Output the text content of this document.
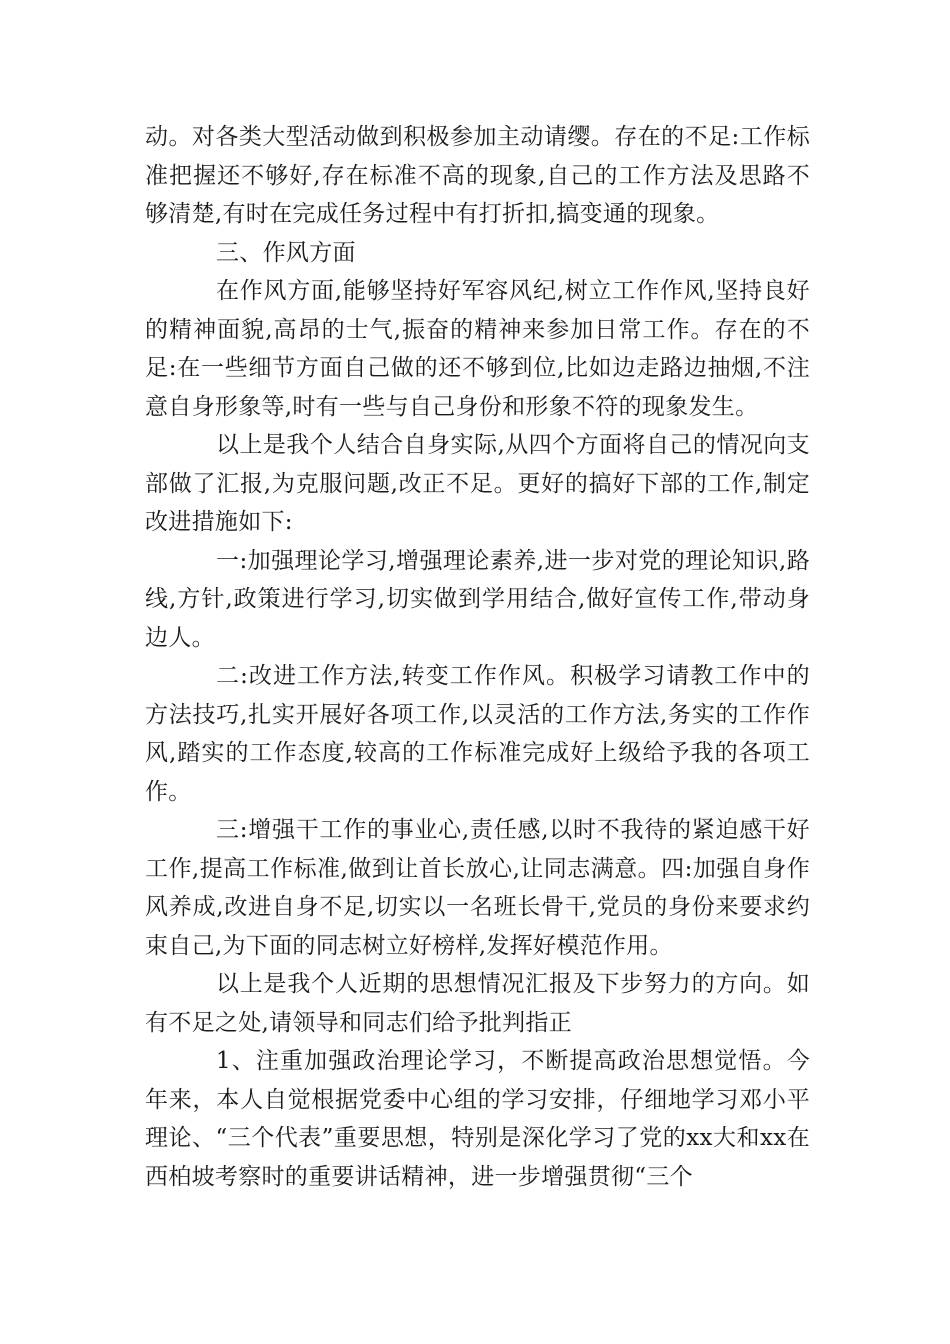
动。对各类大型活动做到积极参加主动请缨。存在的不足:工作标准把握还不够好,存在标准不高的现象,自己的工作方法及思路不够清楚,有时在完成任务过程中有打折扣,搞变通的现象。

三、作风方面

在作风方面,能够坚持好军容风纪,树立工作作风,坚持良好的精神面貌,高昂的士气,振奋的精神来参加日常工作。存在的不足:在一些细节方面自己做的还不够到位,比如边走路边抽烟,不注意自身形象等,时有一些与自己身份和形象不符的现象发生。

以上是我个人结合自身实际,从四个方面将自己的情况向支部做了汇报,为克服问题,改正不足。更好的搞好下部的工作,制定改进措施如下:

一:加强理论学习,增强理论素养,进一步对党的理论知识,路线,方针,政策进行学习,切实做到学用结合,做好宣传工作,带动身边人。

二:改进工作方法,转变工作作风。积极学习请教工作中的方法技巧,扎实开展好各项工作,以灵活的工作方法,务实的工作作风,踏实的工作态度,较高的工作标准完成好上级给予我的各项工作。

三:增强干工作的事业心,责任感,以时不我待的紧迫感干好工作,提高工作标准,做到让首长放心,让同志满意。四:加强自身作风养成,改进自身不足,切实以一名班长骨干,党员的身份来要求约束自己,为下面的同志树立好榜样,发挥好模范作用。

以上是我个人近期的思想情况汇报及下步努力的方向。如有不足之处,请领导和同志们给予批判指正

1、注重加强政治理论学习，不断提高政治思想觉悟。今年来，本人自觉根据党委中心组的学习安排，仔细地学习邓小平理论、“三个代表”重要思想，特别是深化学习了党的xx大和xx在西柏坡考察时的重要讲话精神，进一步增强贯彻“三个
